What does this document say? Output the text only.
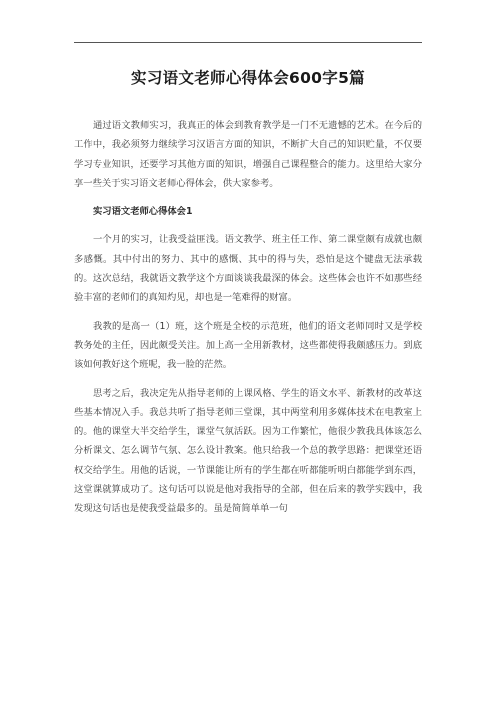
实习语文老师心得体会600字5篇

通过语文教师实习，我真正的体会到教育教学是一门不无遗憾的艺术。在今后的工作中，我必须努力继续学习汉语言方面的知识，不断扩大自己的知识贮量，不仅要学习专业知识，还要学习其他方面的知识，增强自己课程整合的能力。这里给大家分享一些关于实习语文老师心得体会，供大家参考。

实习语文老师心得体会1

一个月的实习，让我受益匪浅。语文教学、班主任工作、第二课堂颇有成就也颇多感慨。其中付出的努力、其中的感慨、其中的得与失，恐怕是这个键盘无法承载的。这次总结，我就语文教学这个方面谈谈我最深的体会。这些体会也许不如那些经验丰富的老师们的真知灼见，却也是一笔难得的财富。

我教的是高一（1）班，这个班是全校的示范班，他们的语文老师同时又是学校教务处的主任，因此颇受关注。加上高一全用新教材，这些都使得我颇感压力。到底该如何教好这个班呢，我一脸的茫然。

思考之后，我决定先从指导老师的上课风格、学生的语文水平、新教材的改革这些基本情况入手。我总共听了指导老师三堂课，其中两堂利用多媒体技术在电教室上的。他的课堂大半交给学生，课堂气氛活跃。因为工作繁忙，他很少教我具体该怎么分析课文、怎么调节气氛、怎么设计教案。他只给我一个总的教学思路：把课堂还语权交给学生。用他的话说，一节课能让所有的学生都在听都能听明白都能学到东西，这堂课就算成功了。这句话可以说是他对我指导的全部，但在后来的教学实践中，我发现这句话也是使我受益最多的。虽是简简单单一句
